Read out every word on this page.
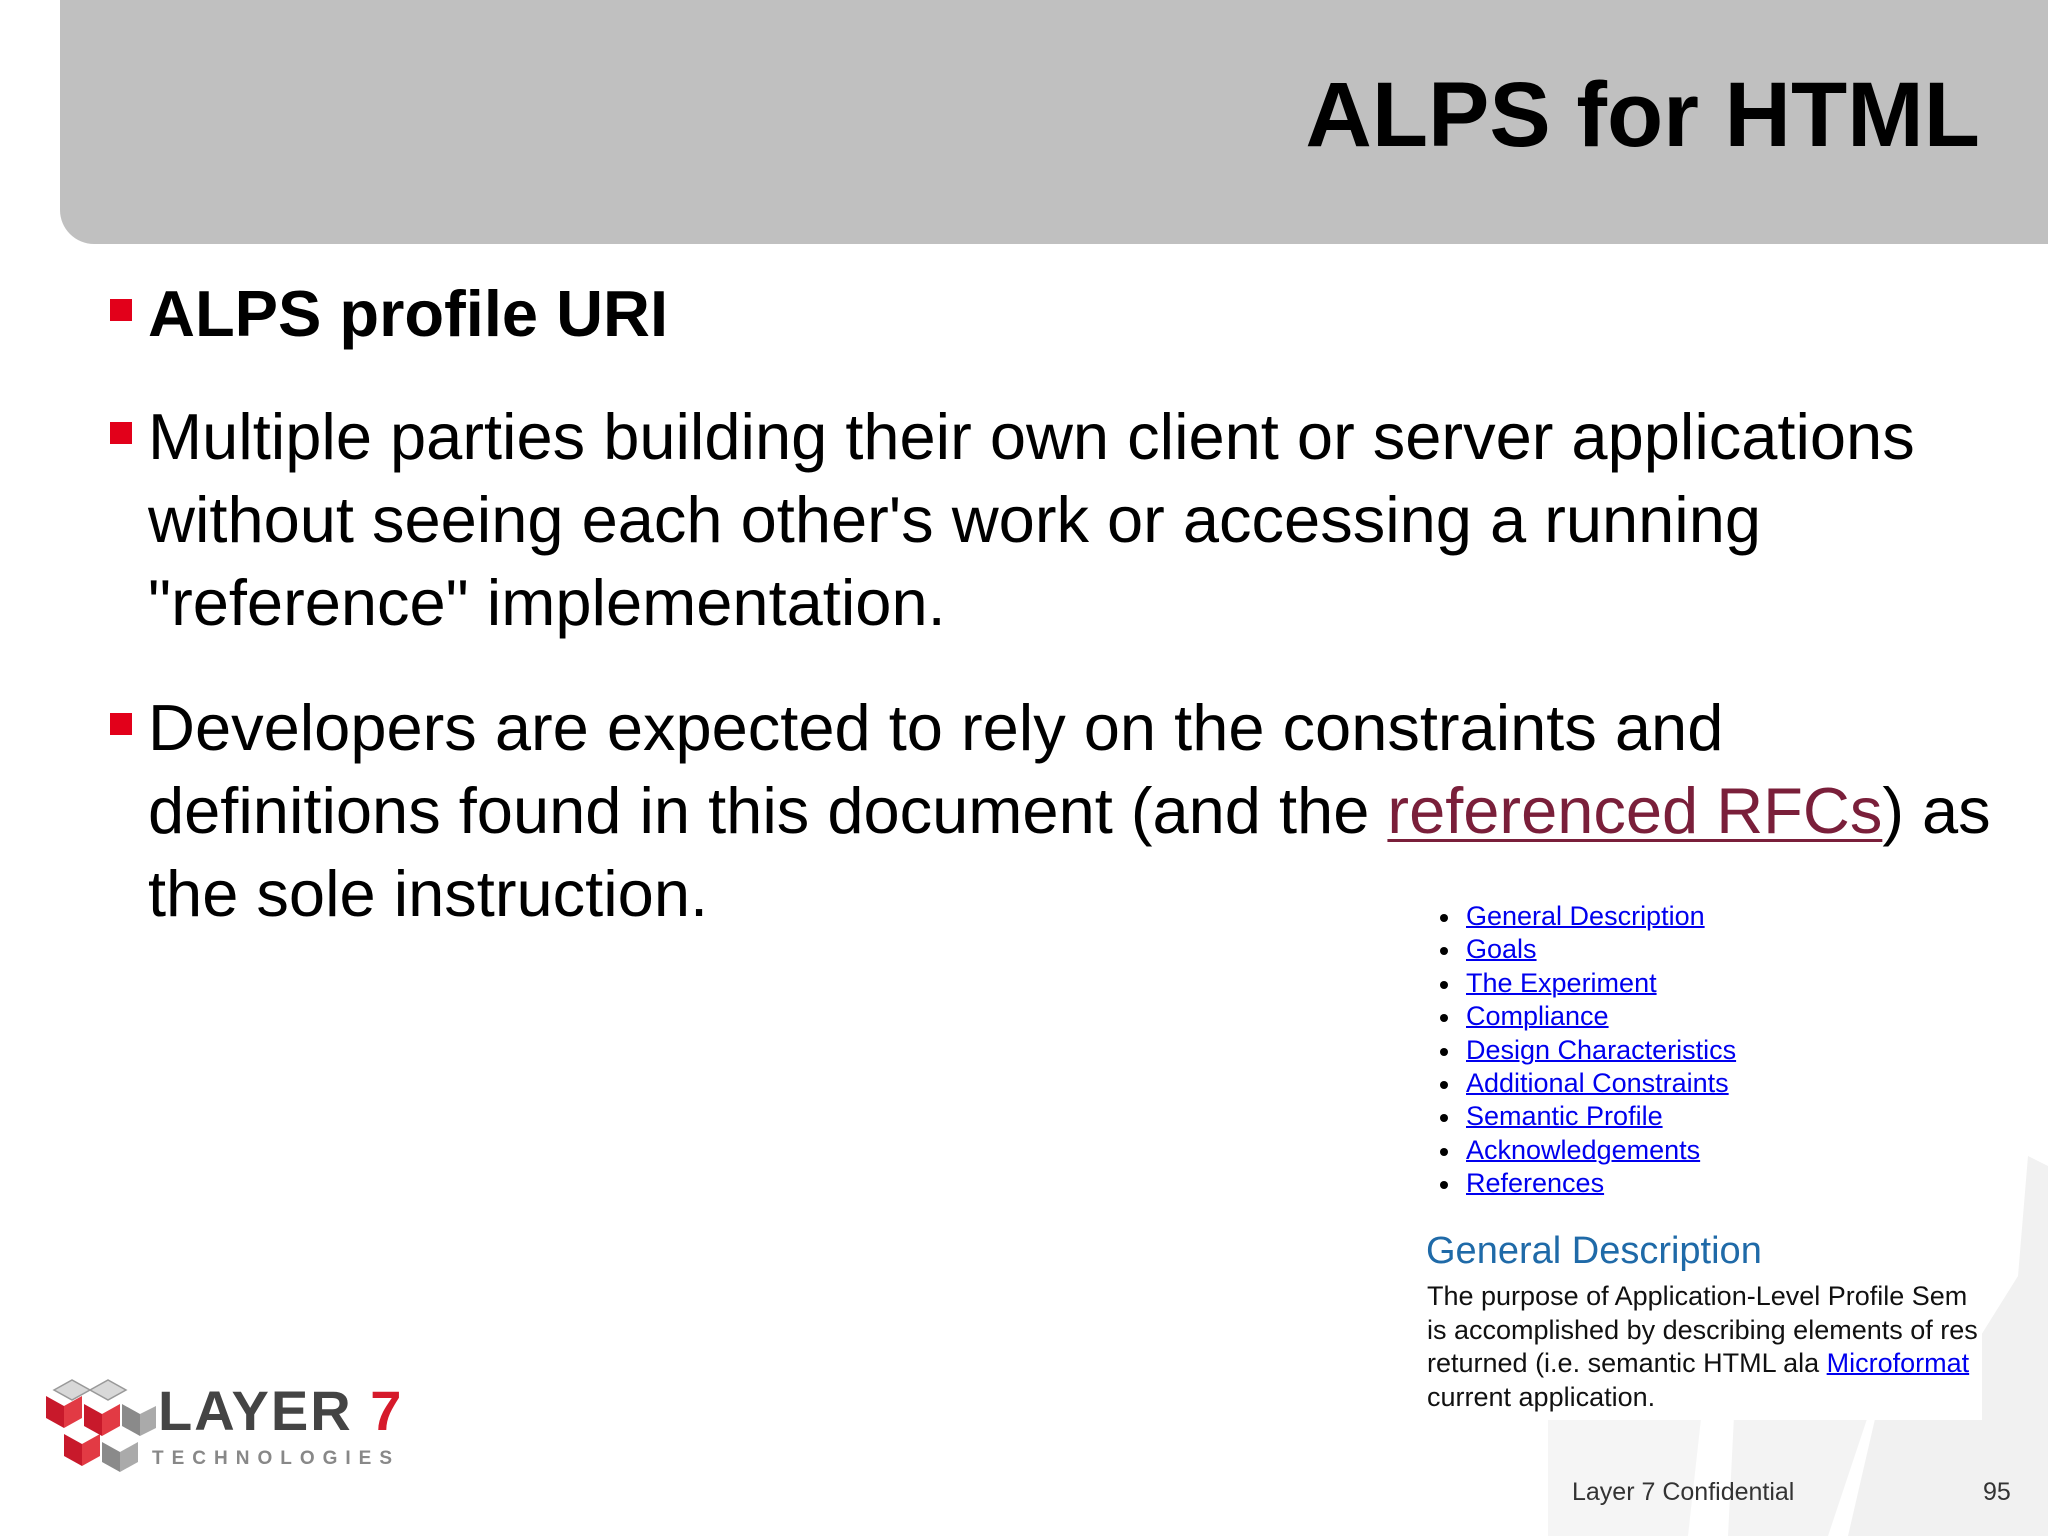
ALPS for HTML
ALPS profile URI
Multiple parties building their own client or server applications without seeing each other's work or accessing a running "reference" implementation.
Developers are expected to rely on the constraints and definitions found in this document (and the referenced RFCs) as the sole instruction.	General Description
Goals
The Experiment
Compliance
Design Characteristics
Additional Constraints
Semantic Profile
Acknowledgements
References
General Description
The purpose of Application-Level Profile Sem
is accomplished by describing elements of res
returned (i.e. semantic HTML ala Microformat
current application.
LAYER 7
TECHNOLOGIES
Layer 7 Confidential	95
